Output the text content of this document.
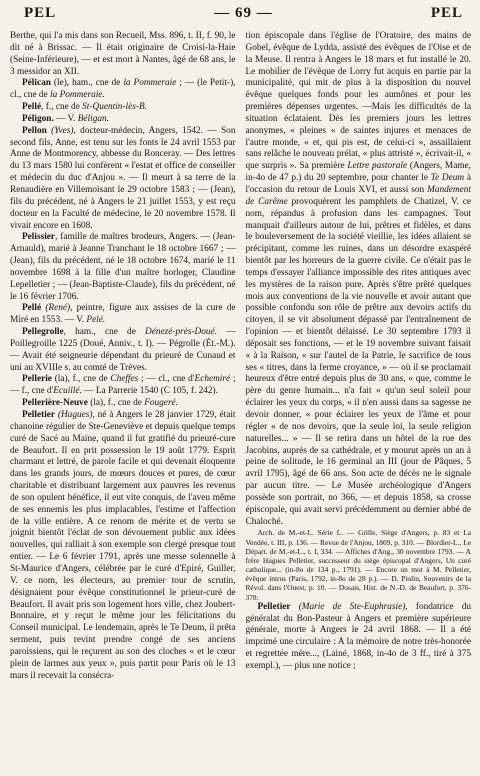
PEL	— 69 —	PEL

Berthe, qui l'a mis dans son Recueil, Mss. 896, t. II, f. 90, le dit né à Brissac. — Il était originaire de Croisi-la-Haie (Seine-Inférieure), — et est mort à Nantes, âgé de 68 ans, le 3 messidor an XII.

Pélican (le), ham., cne de la Pommeraie ; — (le Petit-), cl., cne de la Pommeraie.

Pellé, f., cne de St-Quentin-lès-B.

Péligon. — V. Béligan.

Pellon (Yves), docteur-médecin, Angers, 1542. — Son second fils, Anne, est tenu sur les fonts le 24 avril 1553 par Anne de Montmorency, abbesse du Ronceray. — Des lettres du 13 mars 1580 lui confèrent « l'estat et office de conseiller et médecin du duc d'Anjou ». — Il meurt à sa terre de la Renaudière en Villemoisant le 29 octobre 1583 ; — (Jean), fils du précédent, né à Angers le 21 juillet 1553, y est reçu docteur en la Faculté de médecine, le 20 novembre 1578. Il vivait encore en 1608.

Pelissier, famille de maîtres brodeurs, Angers. — (Jean-Arnauld), marié à Jeanne Tranchant le 18 octobre 1667 ; — (Jean), fils du précédent, né le 18 octobre 1674, marié le 11 novembre 1698 à la fille d'un maître horloger, Claudine Lepelletier ; — (Jean-Baptiste-Claude), fils du précédent, né le 16 février 1706.

Pellé (René), peintre, figure aux assises de la cure de Miré en 1553. — V. Pelé.

Pellegrolle, ham., cne de Dénezé-près-Doué. — Poillegroille 1225 (Doué, Anniv., t. I). — Pégrolle (Ét.-M.). — Avait été seigneurie dépendant du prieuré de Cunaud et uni au XVIIIe s. au comté de Trèves.

Pellerie (la), f., cne de Cheffes ; — cl., cne d'Echemiré ; — f., cne d'Ecuillé. — La Parrerie 1540 (C 105, f. 242).

Pellerière-Neuve (la), f., cne de Fougeré.

Pelletier (Hugues), né à Angers le 28 janvier 1729, était chanoine régulier de Ste-Geneviève et depuis quelque temps curé de Sacé au Maine, quand il fut gratifié du prieuré-cure de Beaufort. Il en prit possession le 19 août 1779. Esprit charmant et lettré, de parole facile et qui devenait éloquente dans les grands jours, de mœurs douces et pures, de cœur charitable et distribuant largement aux pauvres les revenus de son opulent bénéfice, il eut vite conquis, de l'aveu même de ses ennemis les plus implacables, l'estime et l'affection de la ville entière. A ce renom de mérite et de vertu se joignit bientôt l'éclat de son dévouement public aux idées nouvelles, qui ralliait à son exemple son clergé presque tout entier. — Le 6 février 1791, après une messe solennelle à St-Maurice d'Angers, célébrée par le curé d'Epiré, Guiller, V. ce nom, les électeurs, au premier tour de scrutin, désignaient pour évêque constitutionnel le prieur-curé de Beaufort. Il avait pris son logement hors ville, chez Joubert-Bonnaire, et y reçut le même jour les félicitations du Conseil municipal. Le lendemain, après le Te Deum, il prêta serment, puis revint prendre congé de ses anciens paroissiens, qui le reçurent au son des cloches « et le cœur plein de larmes aux yeux », puis partit pour Paris où le 13 mars il recevait la consécra-

tion épiscopale dans l'église de l'Oratoire, des mains de Gobel, évêque de Lydda, assisté des évêques de l'Oise et de la Meuse. Il rentra à Angers le 18 mars et fut installé le 20. Le mobilier de l'évêque de Lorry fut acquis en partie par la municipalité, qui mit de plus à la disposition du nouvel évêque quelques fonds pour les aumônes et pour les premières dépenses urgentes. —Mais les difficultés de la situation éclataient. Dès les premiers jours les lettres anonymes, « pleines « de saintes injures et menaces de l'autre monde, « et, qui pis est, de celui-ci », assaillaient sans relâche le nouveau prélat, « plus attristé », écrivait-il, « que surpris ». Sa première Lettre pastorale (Angers, Mame, in-4o de 47 p.) du 20 septembre, pour chanter le Te Deum à l'occasion du retour de Louis XVI, et aussi son Mandement de Carême provoquèrent les pamphlets de Chatizel, V. ce nom, répandus à profusion dans les campagnes. Tout manquait d'ailleurs autour de lui, prêtres et fidèles, et dans le bouleversement de la société vieillie, les idées allaient se précipitant, comme les ruines, dans un désordre exaspéré bientôt par les horreurs de la guerre civile. Ce n'était pas le temps d'essayer l'alliance impossible des rites antiques avec les mystères de la raison pure. Après s'être prêté quelques mois aux conventions de la vie nouvelle et avoir autant que possible confondu son rôle de prêtre aux devoirs actifs du citoyen, il se vit absolument dépassé par l'entraînement de l'opinion — et bientôt délaissé. Le 30 septembre 1793 il déposait ses fonctions, — et le 19 novembre suivant faisait « à la Raison, « sur l'autel de la Patrie, le sacrifice de tous ses « titres, dans la ferme croyance, » — où il se proclamait heureux d'être entré depuis plus de 30 ans, « que, comme le père du genre humain... n'a fait « qu'un seul soleil pour éclairer les yeux du corps, « il n'en aussi dans sa sagesse ne devoir donner, « pour éclairer les yeux de l'âme et pour régler « de nos devoirs, que la seule loi, la seule religion naturelles... » — Il se retira dans un hôtel de la rue des Jacobins, auprès de sa cathédrale, et y mourut après un an à peine de solitude, le 16 germinal an III (jour de Pâques, 5 avril 1795), âgé de 66 ans. Son acte de décès ne le signale par aucun titre. — Le Musée archéologique d'Angers possède son portrait, no 366, — et depuis 1858, sa crosse épiscopale, qui avait servi précédemment au dernier abbé de Chaloché.

Arch. de M.-et-L. Série L. — Grille, Siège d'Angers, p. 83 et La Vendée, t. III, p. 136. — Revue de l'Anjou, 1869, p. 310. — Blordier-L., Le Départ. de M.-et-L., t. I, 334. — Affiches d'Ang., 30 novembre 1793. — A frère Hugues Pelletier, successeur du siège épiscopal d'Angers, Un curé catholique... (in-8o de 134 p., 1791). — Encore un mot à M. Pelletier, évêque intrus (Paris, 1792, in-8o de 28 p.). — D. Piolin, Souvenirs de la Révol. dans l'Ouest, p. 10. — Dosais, Hist. de N.-D. de Beaufort, p. 376-378.

Pelletier (Marie de Ste-Euphrasie), fondatrice du généralat du Bon-Pasteur à Angers et première supérieure générale, morte à Angers le 24 avril 1868. — Il a été imprimé une circulaire : A la mémoire de notre très-honorée et regrettée mère..., (Lainé, 1868, in-4o de 3 ff., tiré à 375 exempl.), — plus une notice ;
